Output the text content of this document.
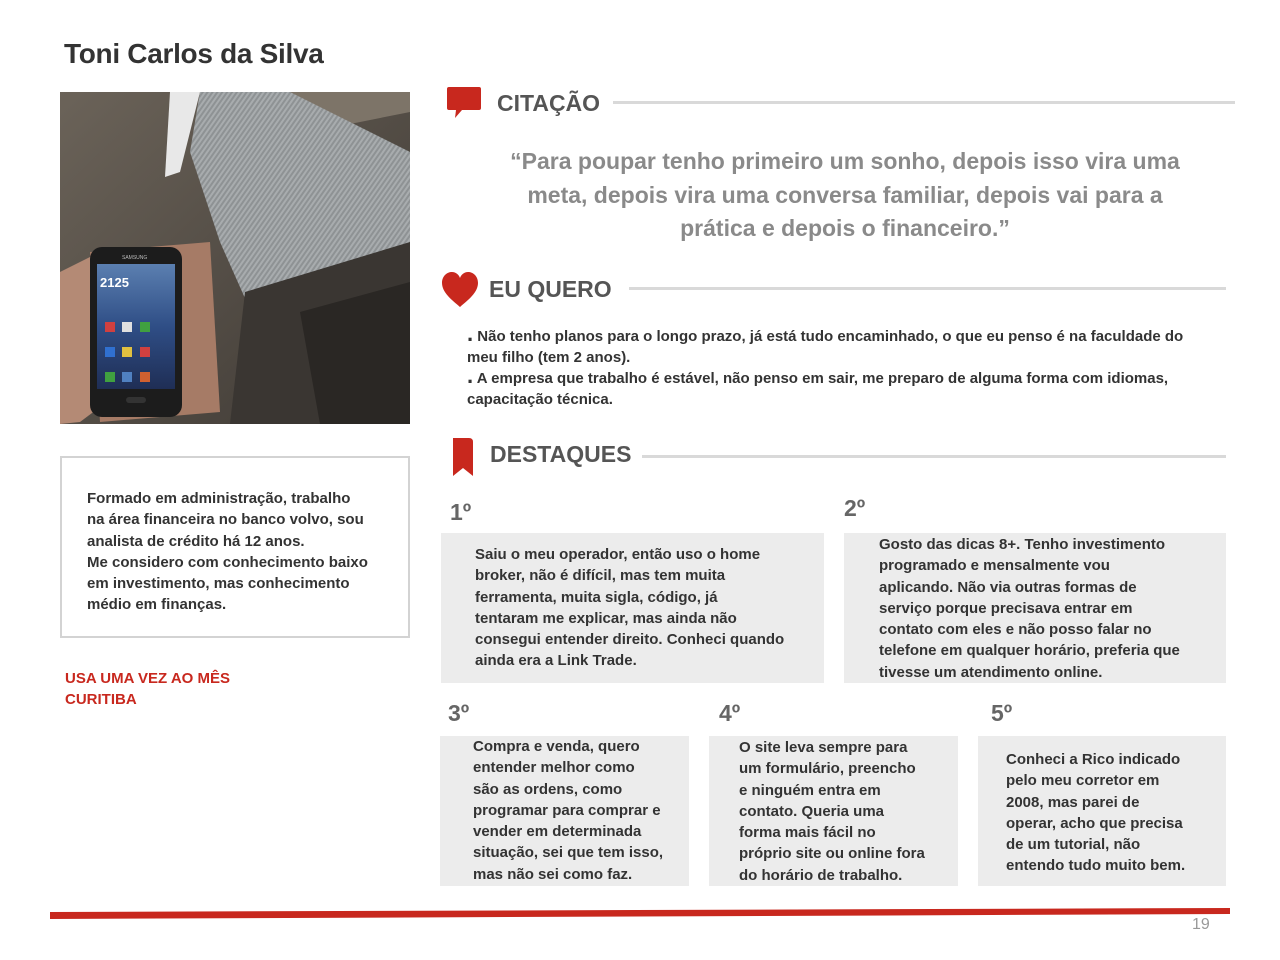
Toni Carlos da Silva
2125
SAMSUNG

Formado em administração, trabalho

na área financeira no banco volvo, sou

analista de crédito há 12 anos.

Me considero com conhecimento baixo

em investimento, mas conhecimento

médio em finanças.

USA UMA VEZ AO MÊS
CURITIBA
CITAÇÃO
“Para poupar tenho primeiro um sonho, depois isso vira uma
meta, depois vira uma conversa familiar, depois vai para a
prática e depois o financeiro.”
EU QUERO
. Não tenho planos para o longo prazo, já está tudo encaminhado, o que eu penso é na faculdade do
meu filho (tem 2 anos).
. A empresa que trabalho é estável, não penso em sair, me preparo de alguma forma com idiomas,
capacitação técnica.
DESTAQUES
1º
Saiu o meu operador, então uso o home
broker, não é difícil, mas tem muita
ferramenta, muita sigla, código, já
tentaram me explicar, mas ainda não
consegui entender direito. Conheci quando
ainda era a Link Trade.
2º
Gosto das dicas 8+. Tenho investimento
programado e mensalmente vou
aplicando. Não via outras formas de
serviço porque precisava entrar em
contato com eles e não posso falar no
telefone em qualquer horário, preferia que
tivesse um atendimento online.
3º
Compra e venda, quero
entender melhor como
são as ordens, como
programar para comprar e
vender em determinada
situação, sei que tem isso,
mas não sei como faz.
4º
O site leva sempre para
um formulário, preencho
e ninguém entra em
contato. Queria uma
forma mais fácil no
próprio site ou online fora
do horário de trabalho.
5º
Conheci a Rico indicado
pelo meu corretor em
2008, mas parei de
operar, acho que precisa
de um tutorial, não
entendo tudo muito bem.
19
